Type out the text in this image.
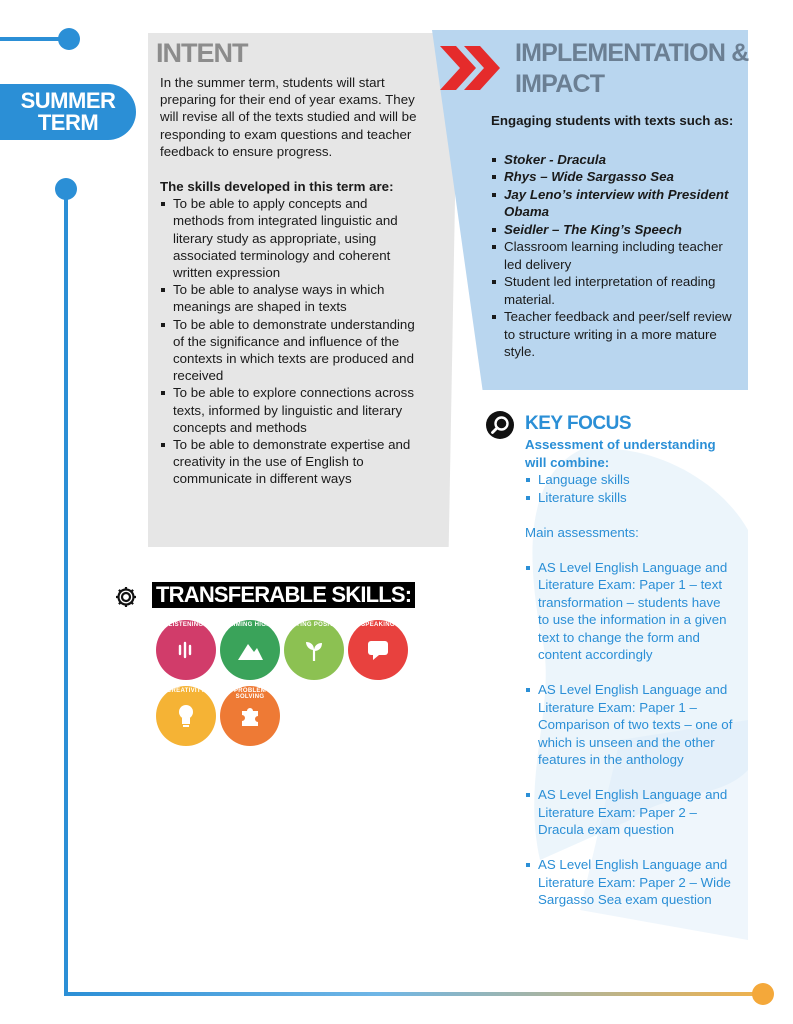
SUMMER
TERM
INTENT

In the summer term, students will start preparing for their end of year exams. They will revise all of the texts studied and will be responding to exam questions and teacher feedback to ensure progress.

The skills developed in this term are:

To be able to apply concepts and methods from integrated linguistic and literary study as appropriate, using associated terminology and coherent written expression
To be able to analyse ways in which meanings are shaped in texts
To be able to demonstrate understanding of the significance and influence of the contexts in which texts are produced and received
To be able to explore connections across texts, informed by linguistic and literary concepts and methods
To be able to demonstrate expertise and creativity in the use of English to communicate in different ways
IMPLEMENTATION &
IMPACT

Engaging students with texts such as:

Stoker - Dracula
Rhys – Wide Sargasso Sea
Jay Leno’s interview with President Obama
Seidler – The King’s Speech
Classroom learning including teacher led delivery
Student led interpretation of reading material.
Teacher feedback and peer/self review to structure writing in a more mature style.
KEY FOCUS

Assessment of understanding will combine:

Language skills
Literature skills

Main assessments:

AS Level English Language and Literature Exam: Paper 1 – text transformation – students have to use the information in a given text to change the form and content accordingly
AS Level English Language and Literature Exam: Paper 1 – Comparison of two texts – one of which is unseen and the other features in the anthology
AS Level English Language and Literature Exam: Paper 2 – Dracula exam question
AS Level English Language and Literature Exam: Paper 2 – Wide Sargasso Sea exam question
TRANSFERABLE SKILLS:
LISTENING	AIMING HIGH	STAYING POSITIVE	SPEAKING
CREATIVITY	PROBLEM SOLVING
